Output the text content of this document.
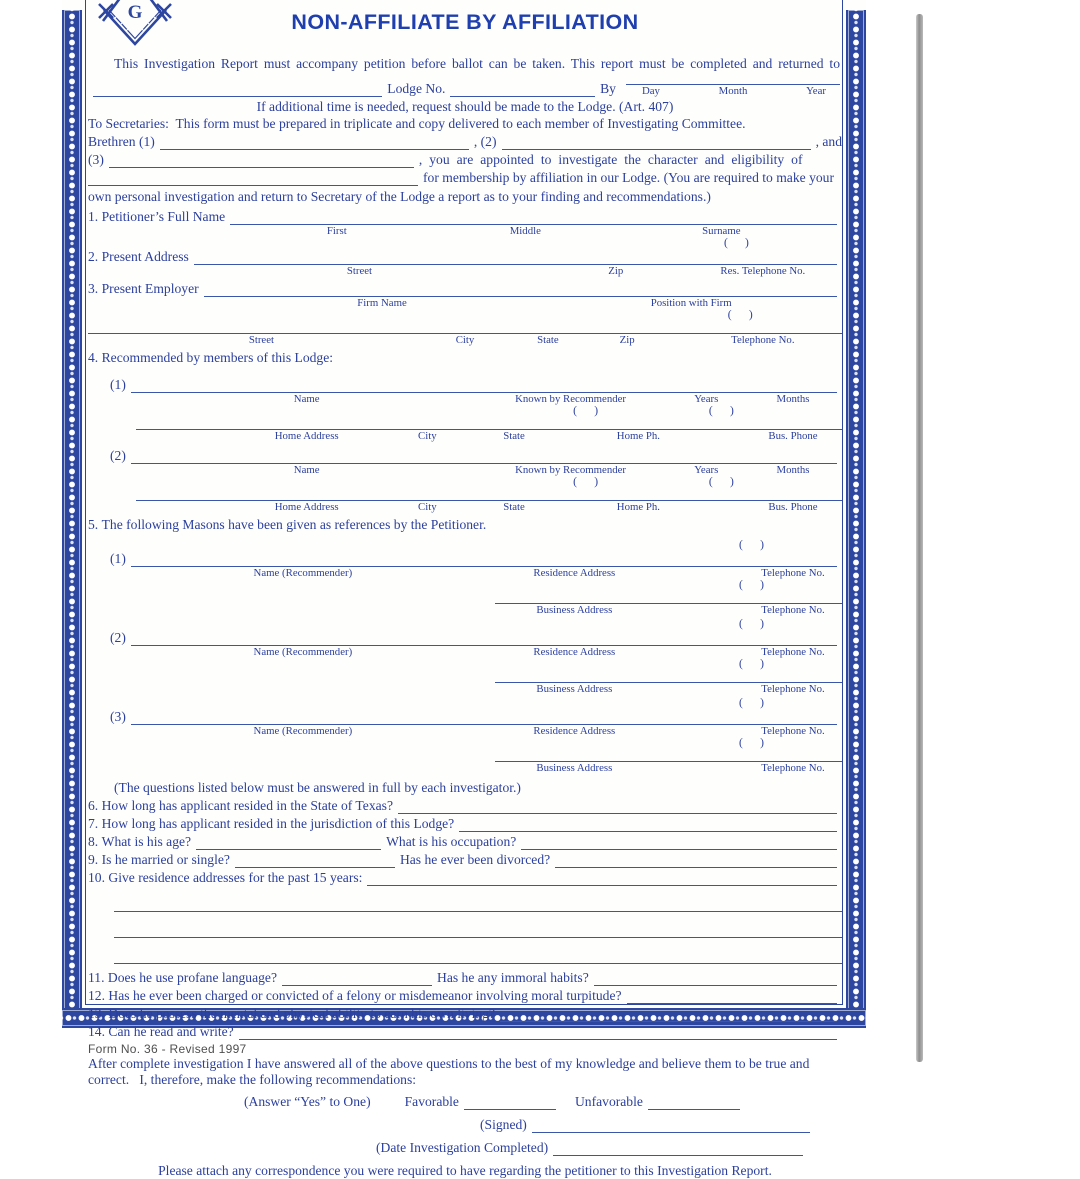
G	NON-AFFILIATE BY AFFILIATION
This Investigation Report must accompany petition before ballot can be taken. This report must be completed and returned to
Lodge No.	By Day	Month	Year
If additional time is needed, request should be made to the Lodge. (Art. 407)
To Secretaries:  This form must be prepared in triplicate and copy delivered to each member of Investigating Committee.
Brethren (1)	, (2)	, and
(3)	, you are appointed to investigate the character and eligibility of
for membership by affiliation in our Lodge. (You are required to make your
own personal investigation and return to Secretary of the Lodge a report as to your finding and recommendations.)
1.
Petitioner’s Full Name
First	Middle	Surname
(      )
2.
Present Address
Street	Zip	Res. Telephone No.
3.
Present Employer
Firm Name	Position with Firm
(      )
Street	City	State	Zip	Telephone No.
4.
Recommended by members of this Lodge:
(1)
Name	Known by Recommender	Years	Months
(      )	(      )
Home Address	City	State	Home Ph.	Bus. Phone
(2)
Name	Known by Recommender	Years	Months
(      )	(      )
Home Address	City	State	Home Ph.	Bus. Phone
5.
The following Masons have been given as references by the Petitioner.
(      )
(1)
Name (Recommender)	Residence Address	Telephone No.
(      )
Business Address	Telephone No.
(      )
(2)
Name (Recommender)	Residence Address	Telephone No.
(      )
Business Address	Telephone No.
(      )
(3)
Name (Recommender)	Residence Address	Telephone No.
(      )
Business Address	Telephone No.
(The questions listed below must be answered in full by each investigator.)
6.
How long has applicant resided in the State of Texas?
7.
How long has applicant resided in the jurisdiction of this Lodge?
8.
What is his age?	What is his occupation?
9.
Is he married or single?	Has he ever been divorced?
10.
Give residence addresses for the past 15 years:
11.
Does he use profane language?	Has he any immoral habits?
12.
Has he ever been charged or convicted of a felony or misdemeanor involving moral turpitude?
13.
Does he possess the mental and physical ability to earn his own living?
14.
Can he read and write?
After complete investigation I have answered all of the above questions to the best of my knowledge and believe them to be true and correct. I, therefore, make the following recommendations:
(Answer “Yes” to One)	Favorable	Unfavorable
(Signed)
(Date Investigation Completed)
Please attach any correspondence you were required to have regarding the petitioner to this Investigation Report.
Form No. 36 - Revised 1997
